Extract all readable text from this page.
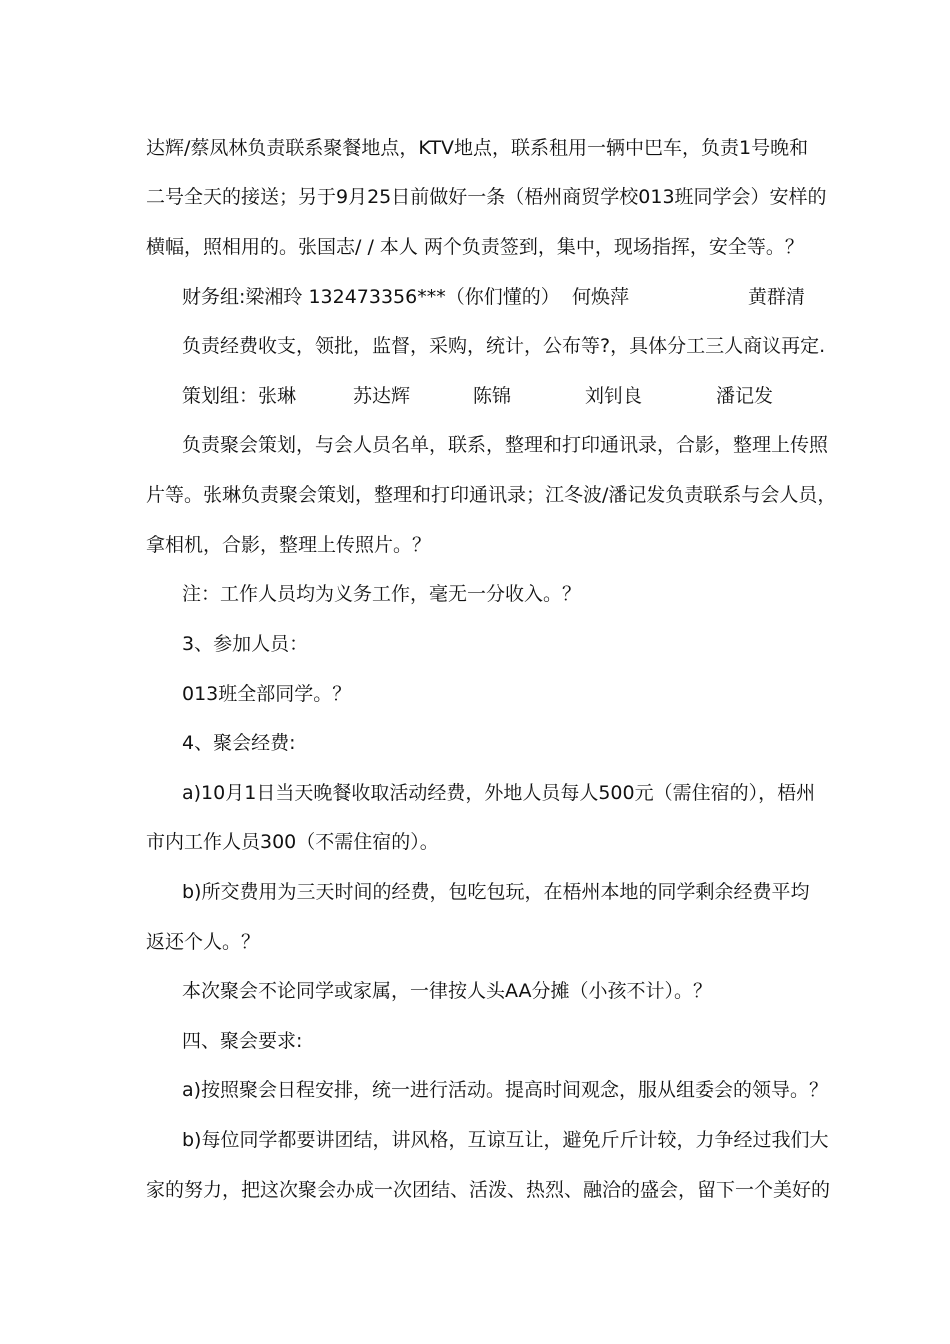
达辉/蔡凤林负责联系聚餐地点，KTV地点，联系租用一辆中巴车，负责1号晚和

二号全天的接送；另于9月25日前做好一条（梧州商贸学校013班同学会）安样的

横幅，照相用的。张国志/ / 本人 两个负责签到，集中，现场指挥，安全等。？

财务组:梁湘玲 132473356***（你们懂的） 何焕萍	黄群清

负责经费收支，领批，监督，采购，统计，公布等?，具体分工三人商议再定.

策划组：张琳	苏达辉	陈锦	刘钊良	潘记发

负责聚会策划，与会人员名单，联系，整理和打印通讯录，合影，整理上传照

片等。张琳负责聚会策划，整理和打印通讯录；江冬波/潘记发负责联系与会人员，

拿相机，合影，整理上传照片。？

注：工作人员均为义务工作，毫无一分收入。？

3、参加人员：

013班全部同学。？

4、聚会经费:

a)10月1日当天晚餐收取活动经费，外地人员每人500元（需住宿的），梧州

市内工作人员300（不需住宿的）。

b)所交费用为三天时间的经费，包吃包玩，在梧州本地的同学剩余经费平均

返还个人。？

本次聚会不论同学或家属，一律按人头AA分摊（小孩不计）。？

四、聚会要求:

a)按照聚会日程安排，统一进行活动。提高时间观念，服从组委会的领导。？

b)每位同学都要讲团结，讲风格，互谅互让，避免斤斤计较，力争经过我们大

家的努力，把这次聚会办成一次团结、活泼、热烈、融洽的盛会，留下一个美好的
